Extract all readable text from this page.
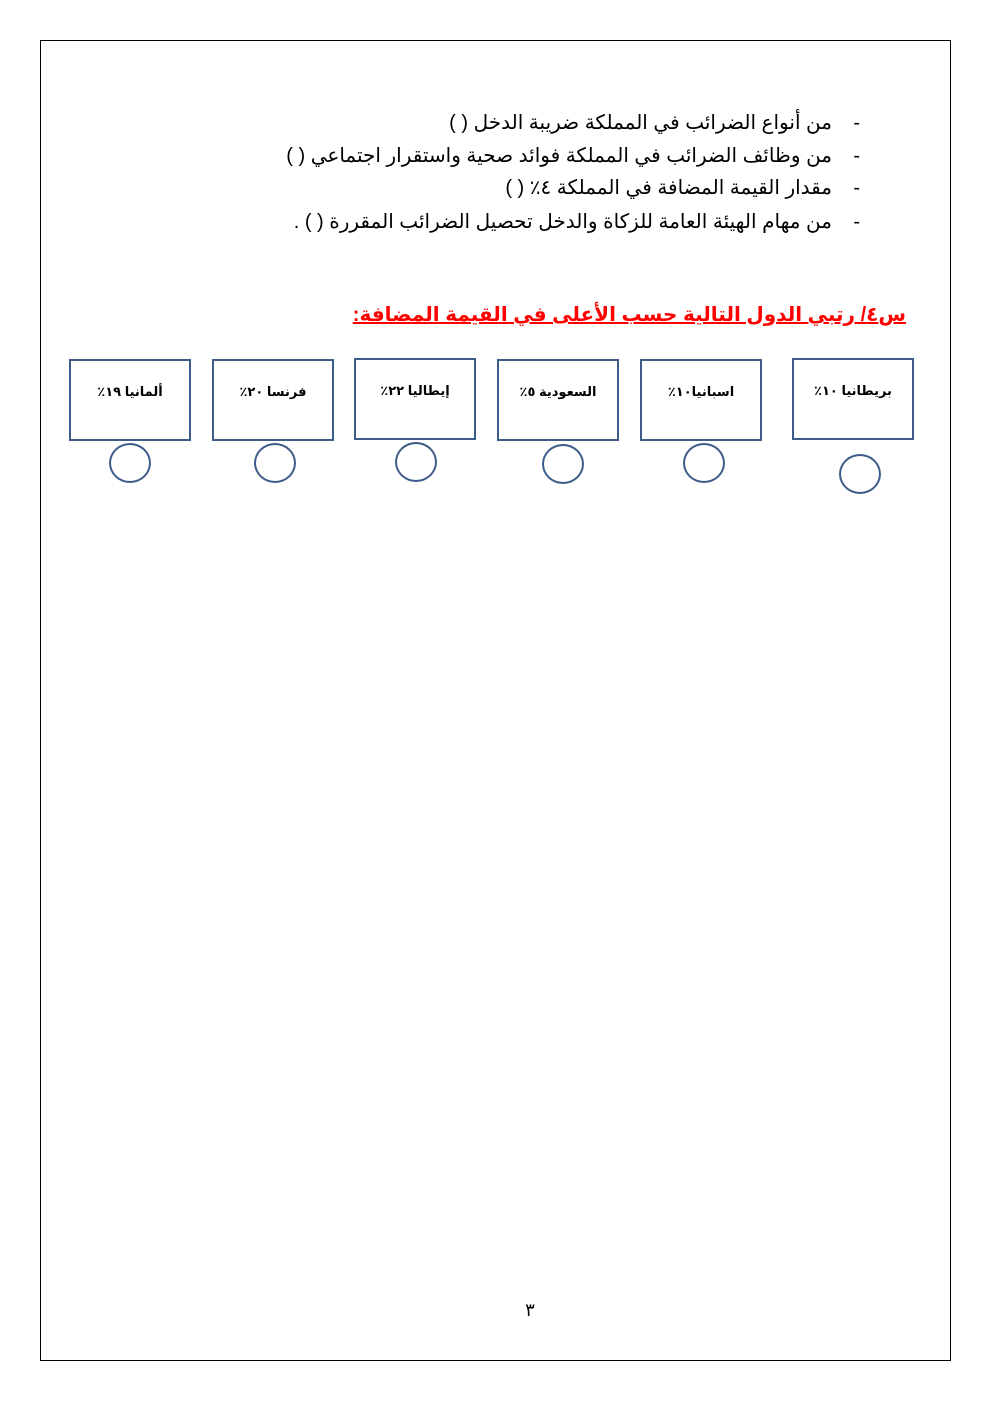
-
من أنواع الضرائب في المملكة ضريبة الدخل ( )
-
من وظائف الضرائب في المملكة فوائد صحية واستقرار اجتماعي ( )
-
مقدار القيمة المضافة في المملكة ٤٪ ( )
-
من مهام الهيئة العامة للزكاة والدخل تحصيل الضرائب المقررة ( ) .
س٤/ رتبي الدول التالية حسب الأعلى في القيمة المضافة:
بريطانيا ١٠٪
اسبانيا١٠٪
السعودية ٥٪
إيطاليا ٢٢٪
فرنسا ٢٠٪
ألمانيا ١٩٪
٣
